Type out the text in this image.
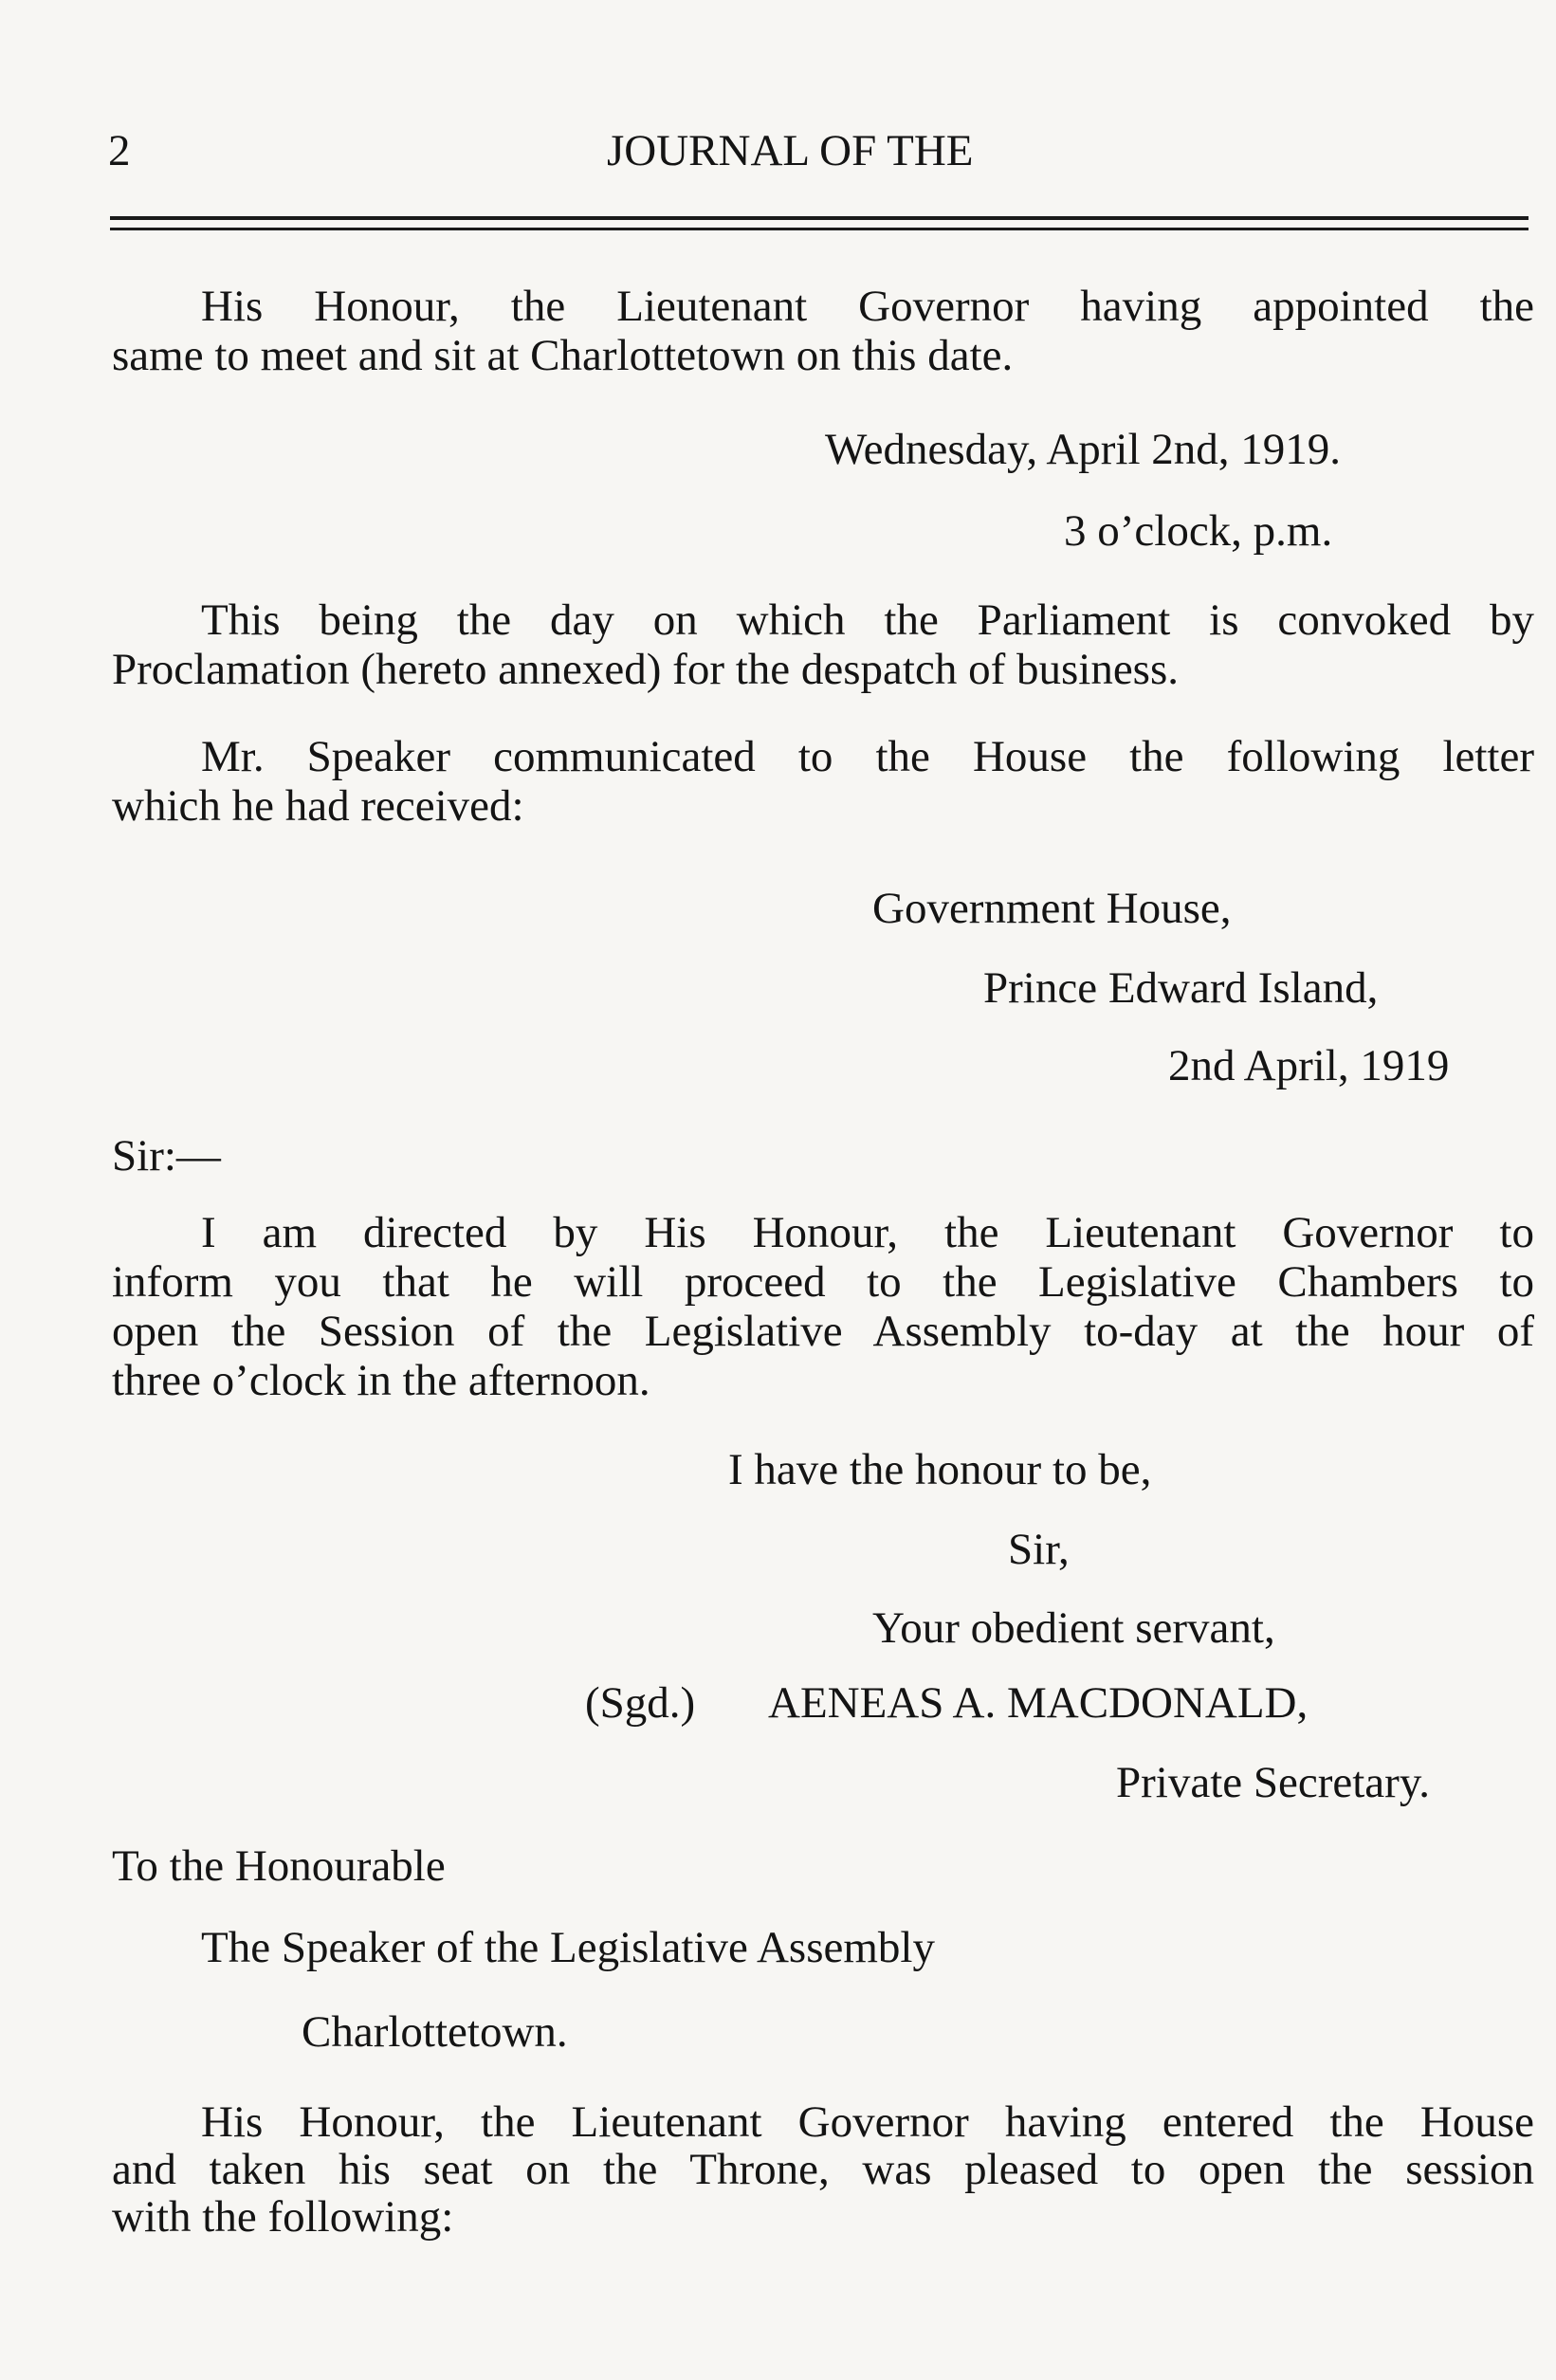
2	JOURNAL OF THE

His Honour, the Lieutenant Governor having appointed the

same to meet and sit at Charlottetown on this date.

Wednesday, April 2nd, 1919.

3 o’clock, p.m.

This being the day on which the Parliament is convoked by

Proclamation (hereto annexed) for the despatch of business.

Mr. Speaker communicated to the House the following letter

which he had received:

Government House,

Prince Edward Island,

2nd April, 1919

Sir:—

I am directed by His Honour, the Lieutenant Governor to

inform you that he will proceed to the Legislative Chambers to

open the Session of the Legislative Assembly to-day at the hour of

three o’clock in the afternoon.

I have the honour to be,

Sir,

Your obedient servant,

(Sgd.) AENEAS A. MACDONALD,

Private Secretary.

To the Honourable

The Speaker of the Legislative Assembly

Charlottetown.

His Honour, the Lieutenant Governor having entered the House

and taken his seat on the Throne, was pleased to open the session

with the following:
